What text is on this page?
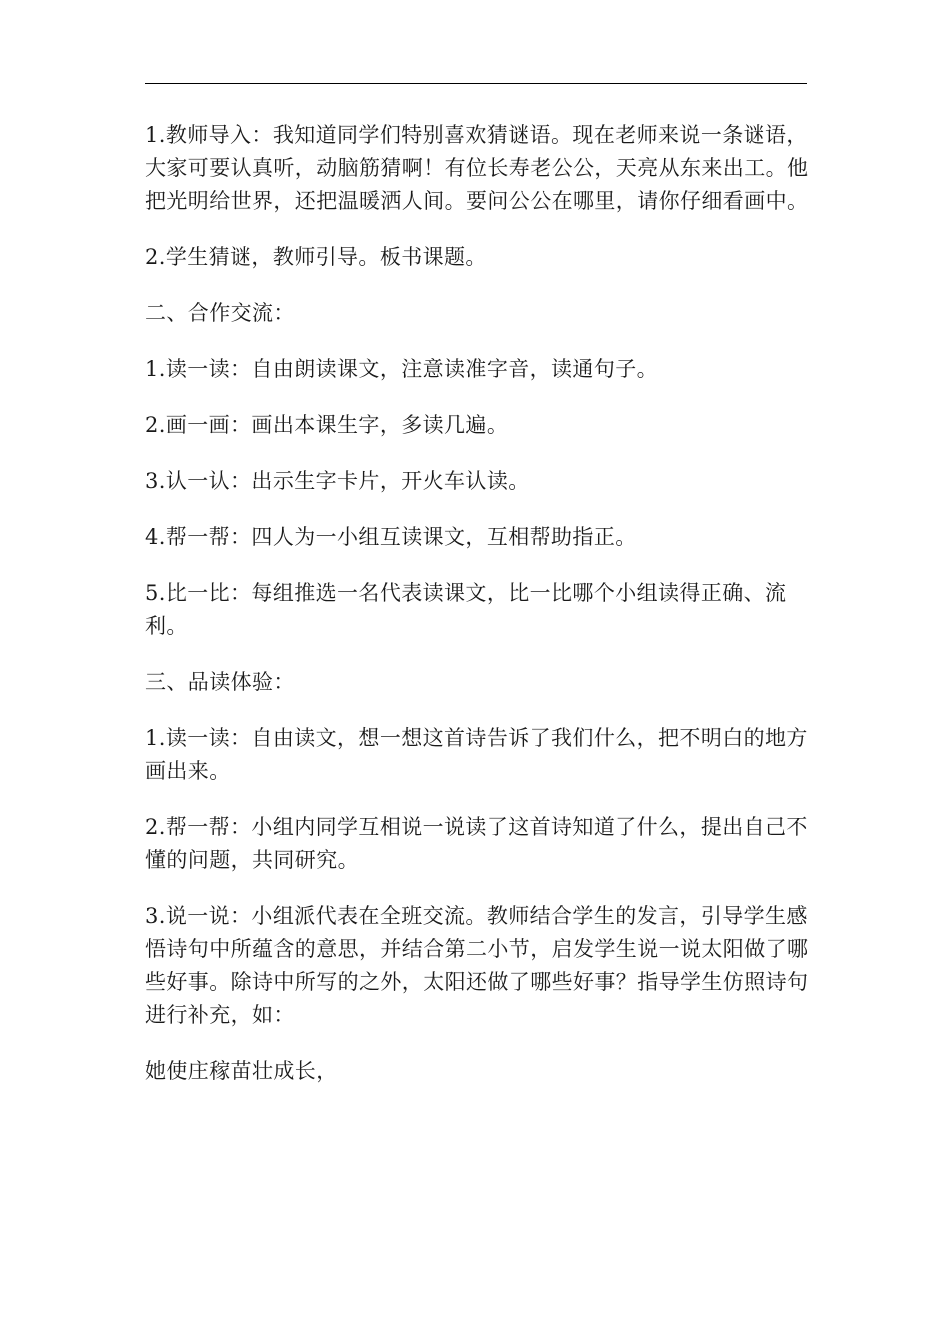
1.教师导入：我知道同学们特别喜欢猜谜语。现在老师来说一条谜语，大家可要认真听，动脑筋猜啊！有位长寿老公公，天亮从东来出工。他把光明给世界，还把温暖洒人间。要问公公在哪里，请你仔细看画中。

2.学生猜谜，教师引导。板书课题。

二、合作交流：

1.读一读：自由朗读课文，注意读准字音，读通句子。

2.画一画：画出本课生字，多读几遍。

3.认一认：出示生字卡片，开火车认读。

4.帮一帮：四人为一小组互读课文，互相帮助指正。

5.比一比：每组推选一名代表读课文，比一比哪个小组读得正确、流利。

三、品读体验：

1.读一读：自由读文，想一想这首诗告诉了我们什么，把不明白的地方画出来。

2.帮一帮：小组内同学互相说一说读了这首诗知道了什么，提出自己不懂的问题，共同研究。

3.说一说：小组派代表在全班交流。教师结合学生的发言，引导学生感悟诗句中所蕴含的意思，并结合第二小节，启发学生说一说太阳做了哪些好事。除诗中所写的之外，太阳还做了哪些好事？指导学生仿照诗句进行补充，如：

她使庄稼苗壮成长，
